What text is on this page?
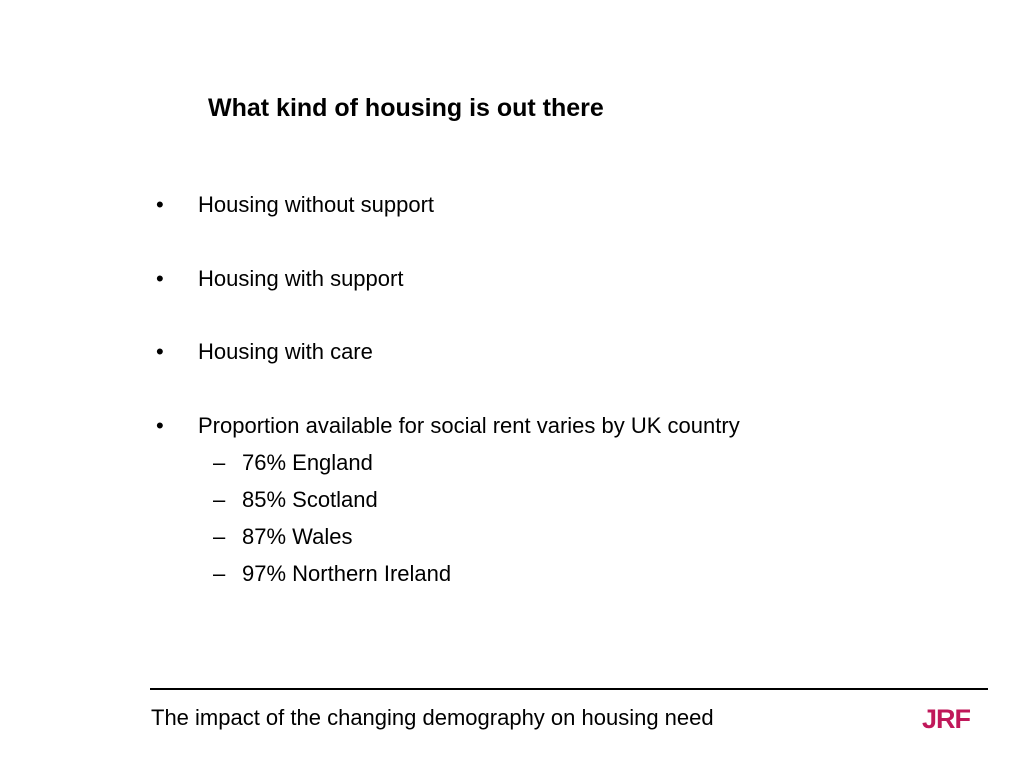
What kind of housing is out there
•	Housing without support
•	Housing with support
•	Housing with care
•	Proportion available for social rent varies by UK country
– 76% England
– 85% Scotland
– 87% Wales
– 97% Northern Ireland
The impact of the changing demography on housing need	JRF
